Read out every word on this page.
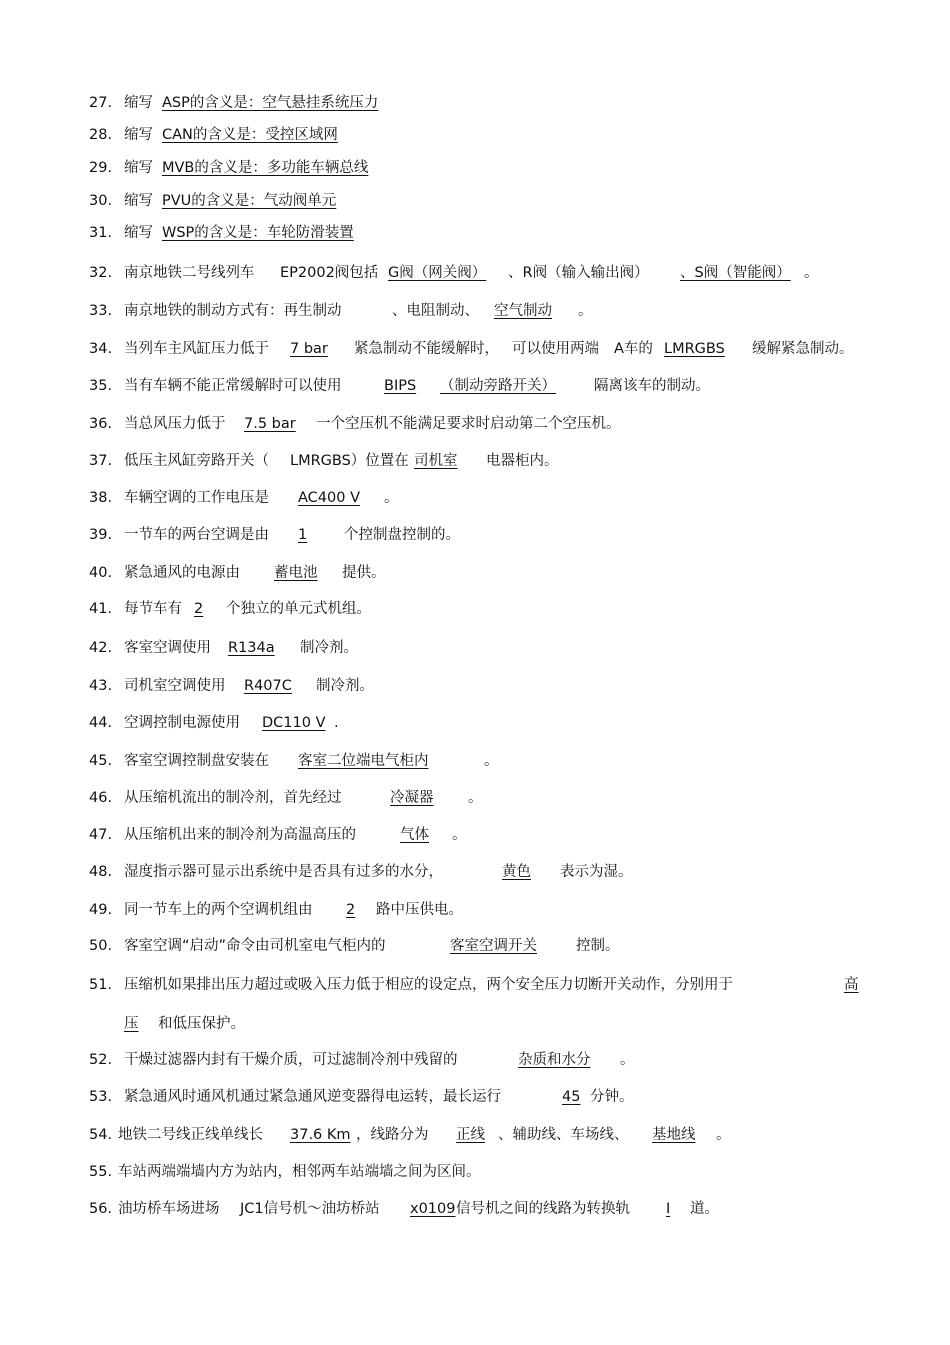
27. 缩写 ASP的含义是：空气悬挂系统压力
28. 缩写 CAN的含义是：受控区域网
29. 缩写 MVB的含义是：多功能车辆总线
30. 缩写 PVU的含义是：气动阀单元
31. 缩写 WSP的含义是：车轮防滑装置
32. 南京地铁二号线列车 EP2002阀包括 G阀（网关阀） 、R阀（输入输出阀） 、S阀（智能阀） 。
33. 南京地铁的制动方式有：再生制动	、电阻制动、 空气制动 。
34. 当列车主风缸压力低于 7 bar 紧急制动不能缓解时， 可以使用两端 A车的 LMRGBS 缓解紧急制动。
35. 当有车辆不能正常缓解时可以使用	BIPS （制动旁路开关）	隔离该车的制动。
36. 当总风压力低于 7.5 bar 一个空压机不能满足要求时启动第二个空压机。
37. 低压主风缸旁路开关（ LMRGBS）位置在 司机室 电器柜内。
38. 车辆空调的工作电压是 AC400 V 。
39. 一节车的两台空调是由 1	个控制盘控制的。
40. 紧急通风的电源由 蓄电池 提供。
41. 每节车有 2 个独立的单元式机组。
42. 客室空调使用 R134a 制冷剂。
43. 司机室空调使用 R407C 制冷剂。
44. 空调控制电源使用 DC110 V .
45. 客室空调控制盘安装在 客室二位端电气柜内	。
46. 从压缩机流出的制冷剂，首先经过	冷凝器 。
47. 从压缩机出来的制冷剂为高温高压的	气体 。
48. 湿度指示器可显示出系统中是否具有过多的水分，	黄色 表示为湿。
49. 同一节车上的两个空调机组由 2 路中压供电。
50. 客室空调“启动”命令由司机室电气柜内的	客室空调开关	控制。
51. 压缩机如果排出压力超过或吸入压力低于相应的设定点，两个安全压力切断开关动作，分别用于	高
压 和低压保护。
52. 干燥过滤器内封有干燥介质，可过滤制冷剂中残留的	杂质和水分 。
53. 紧急通风时通风机通过紧急通风逆变器得电运转，最长运行	45 分钟。
54. 地铁二号线正线单线长 37.6 Km ，线路分为 正线 、辅助线、车场线、 基地线 。
55. 车站两端端墙内方为站内，相邻两车站端墙之间为区间。
56. 油坊桥车场进场 JC1信号机～油坊桥站 x0109 信号机之间的线路为转换轨 I 道。
